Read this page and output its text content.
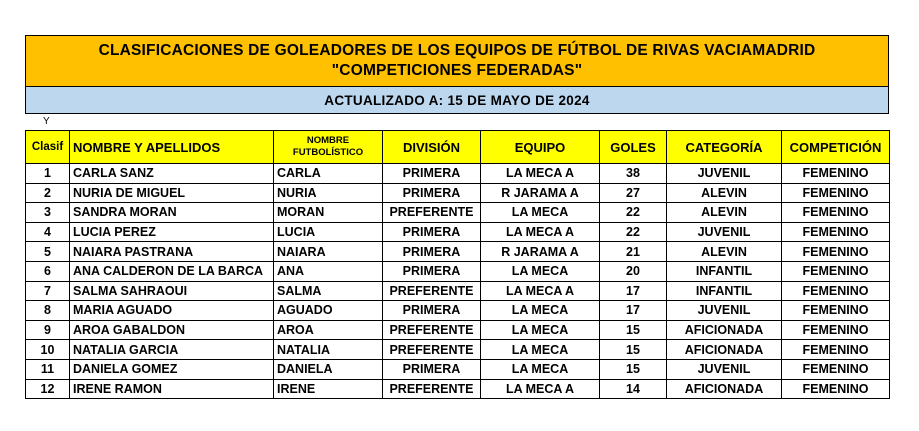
CLASIFICACIONES DE GOLEADORES DE LOS EQUIPOS DE FÚTBOL DE RIVAS VACIAMADRID
"COMPETICIONES FEDERADAS"
ACTUALIZADO A: 15 DE MAYO DE 2024
Y
Clasif	NOMBRE Y APELLIDOS	NOMBRE FUTBOLÍSTICO	DIVISIÓN	EQUIPO	GOLES	CATEGORÍA	COMPETICIÓN
1	CARLA SANZ	CARLA	PRIMERA	LA MECA A	38	JUVENIL	FEMENINO
2	NURIA DE MIGUEL	NURIA	PRIMERA	R JARAMA A	27	ALEVIN	FEMENINO
3	SANDRA MORAN	MORAN	PREFERENTE	LA MECA	22	ALEVIN	FEMENINO
4	LUCIA PEREZ	LUCIA	PRIMERA	LA MECA A	22	JUVENIL	FEMENINO
5	NAIARA PASTRANA	NAIARA	PRIMERA	R JARAMA A	21	ALEVIN	FEMENINO
6	ANA CALDERON DE LA BARCA	ANA	PRIMERA	LA MECA	20	INFANTIL	FEMENINO
7	SALMA SAHRAOUI	SALMA	PREFERENTE	LA MECA A	17	INFANTIL	FEMENINO
8	MARIA AGUADO	AGUADO	PRIMERA	LA MECA	17	JUVENIL	FEMENINO
9	AROA GABALDON	AROA	PREFERENTE	LA MECA	15	AFICIONADA	FEMENINO
10	NATALIA GARCIA	NATALIA	PREFERENTE	LA MECA	15	AFICIONADA	FEMENINO
11	DANIELA GOMEZ	DANIELA	PRIMERA	LA MECA	15	JUVENIL	FEMENINO
12	IRENE RAMON	IRENE	PREFERENTE	LA MECA A	14	AFICIONADA	FEMENINO
